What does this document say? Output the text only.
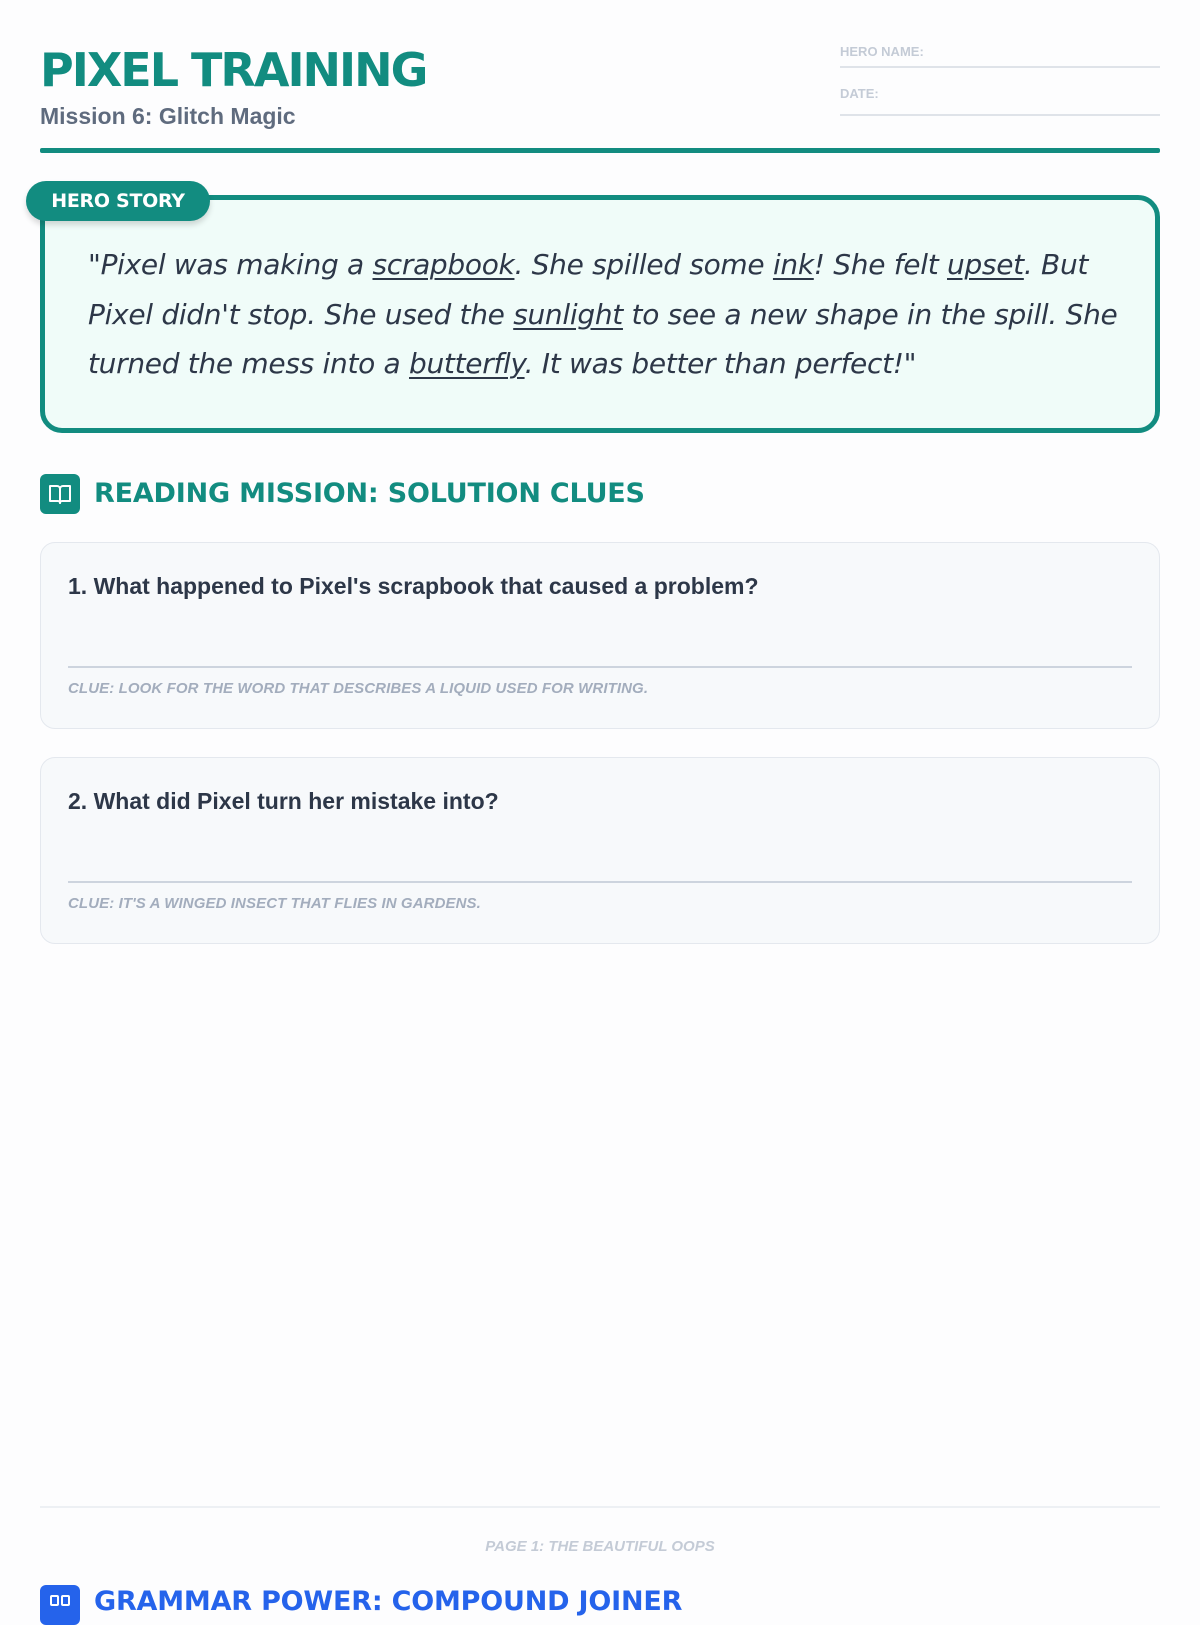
PIXEL TRAINING
Mission 6: Glitch Magic
HERO NAME:
DATE:
HERO STORY

"Pixel was making a scrapbook. She spilled some ink! She felt upset. But Pixel didn't stop. She used the sunlight to see a new shape in the spill. She turned the mess into a butterfly. It was better than perfect!"

READING MISSION: SOLUTION CLUES
1. What happened to Pixel's scrapbook that caused a problem?
CLUE: LOOK FOR THE WORD THAT DESCRIBES A LIQUID USED FOR WRITING.
2. What did Pixel turn her mistake into?
CLUE: IT'S A WINGED INSECT THAT FLIES IN GARDENS.
PAGE 1: THE BEAUTIFUL OOPS
GRAMMAR POWER: COMPOUND JOINER
